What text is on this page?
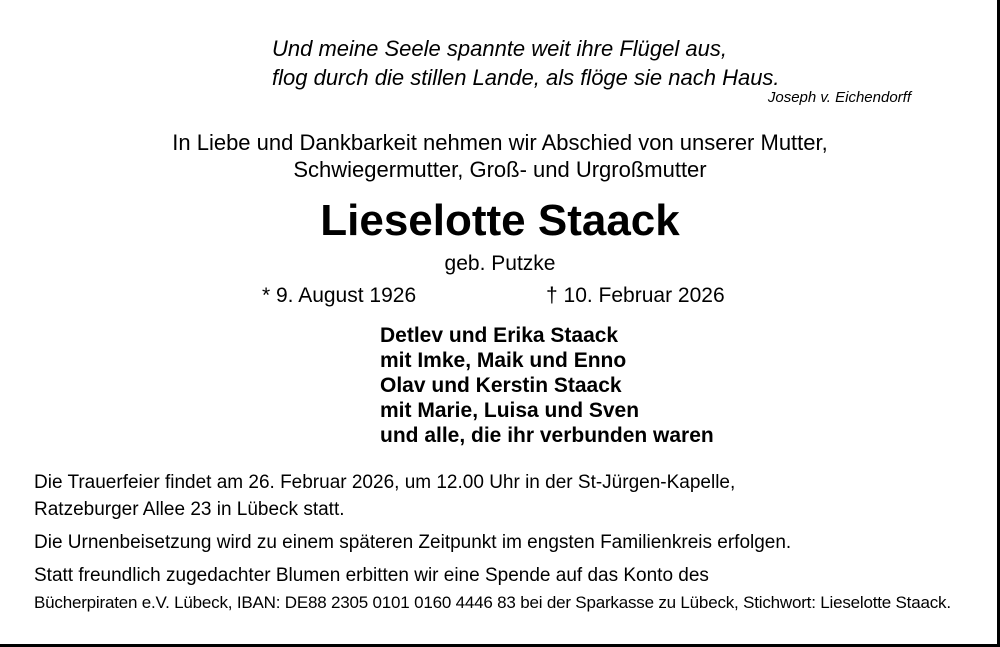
Und meine Seele spannte weit ihre Flügel aus,
flog durch die stillen Lande, als flöge sie nach Haus.
Joseph v. Eichendorff
In Liebe und Dankbarkeit nehmen wir Abschied von unserer Mutter,
Schwiegermutter, Groß- und Urgroßmutter
Lieselotte Staack
geb. Putzke
* 9. August 1926	† 10. Februar 2026
Detlev und Erika Staack
mit Imke, Maik und Enno
Olav und Kerstin Staack
mit Marie, Luisa und Sven
und alle, die ihr verbunden waren
Die Trauerfeier findet am 26. Februar 2026, um 12.00 Uhr in der St-Jürgen-Kapelle,
Ratzeburger Allee 23 in Lübeck statt.
Die Urnenbeisetzung wird zu einem späteren Zeitpunkt im engsten Familienkreis erfolgen.
Statt freundlich zugedachter Blumen erbitten wir eine Spende auf das Konto des
Bücherpiraten e.V. Lübeck, IBAN: DE88 2305 0101 0160 4446 83 bei der Sparkasse zu Lübeck, Stichwort: Lieselotte Staack.
